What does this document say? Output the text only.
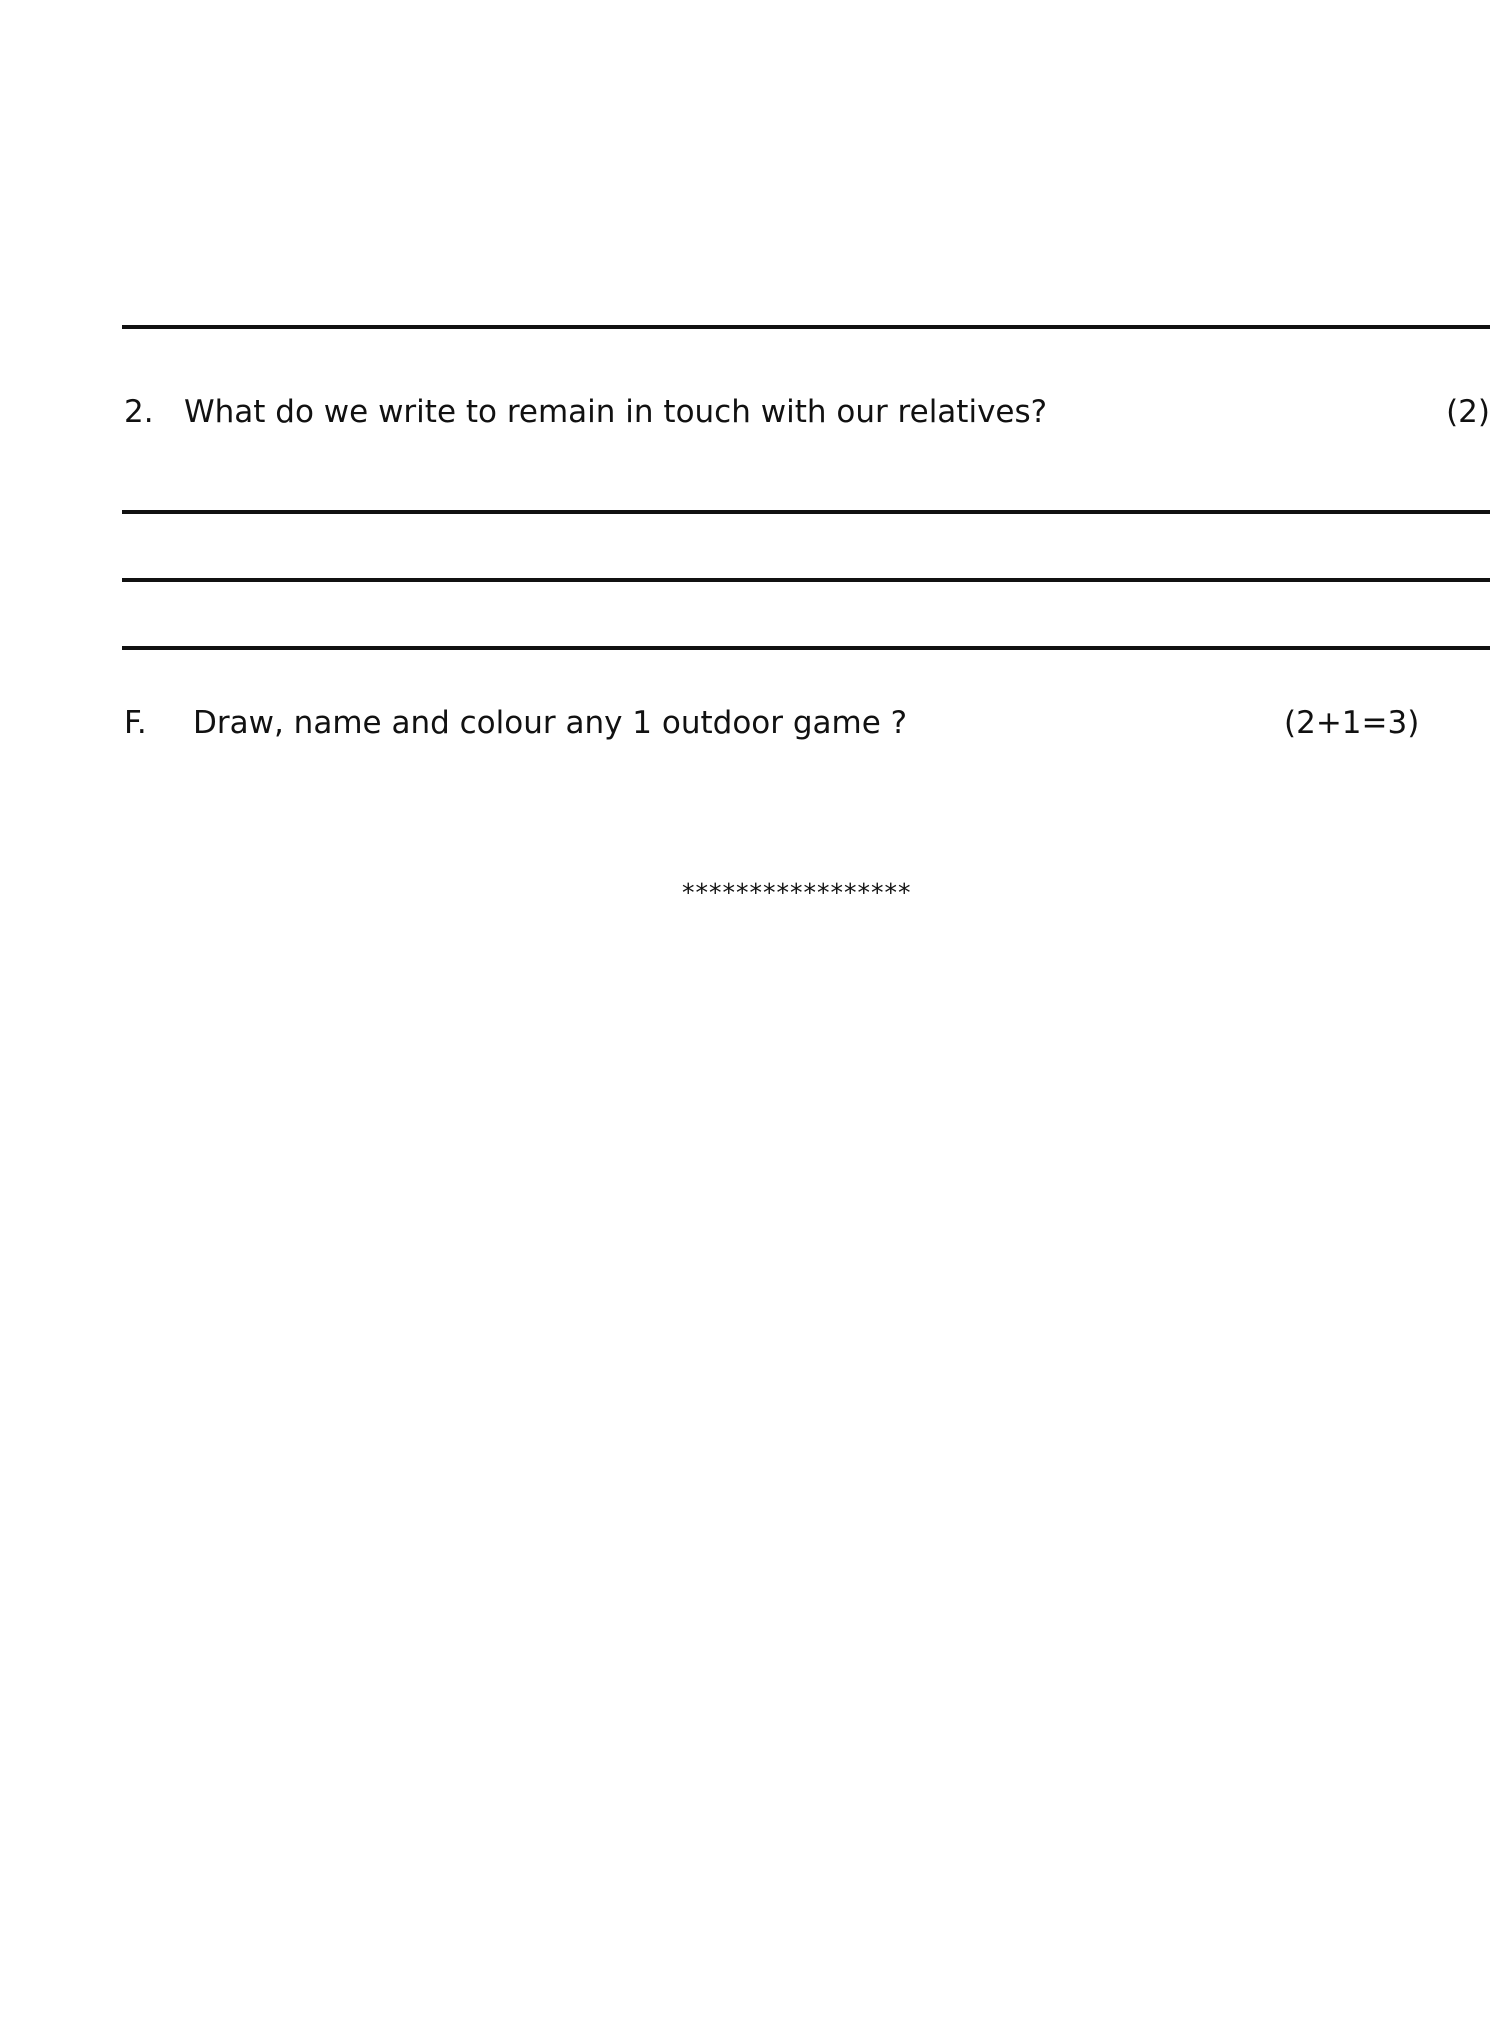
2. What do we write to remain in touch with our relatives?	(2)
F. Draw, name and colour any 1 outdoor game ?	(2+1=3)
*****************
